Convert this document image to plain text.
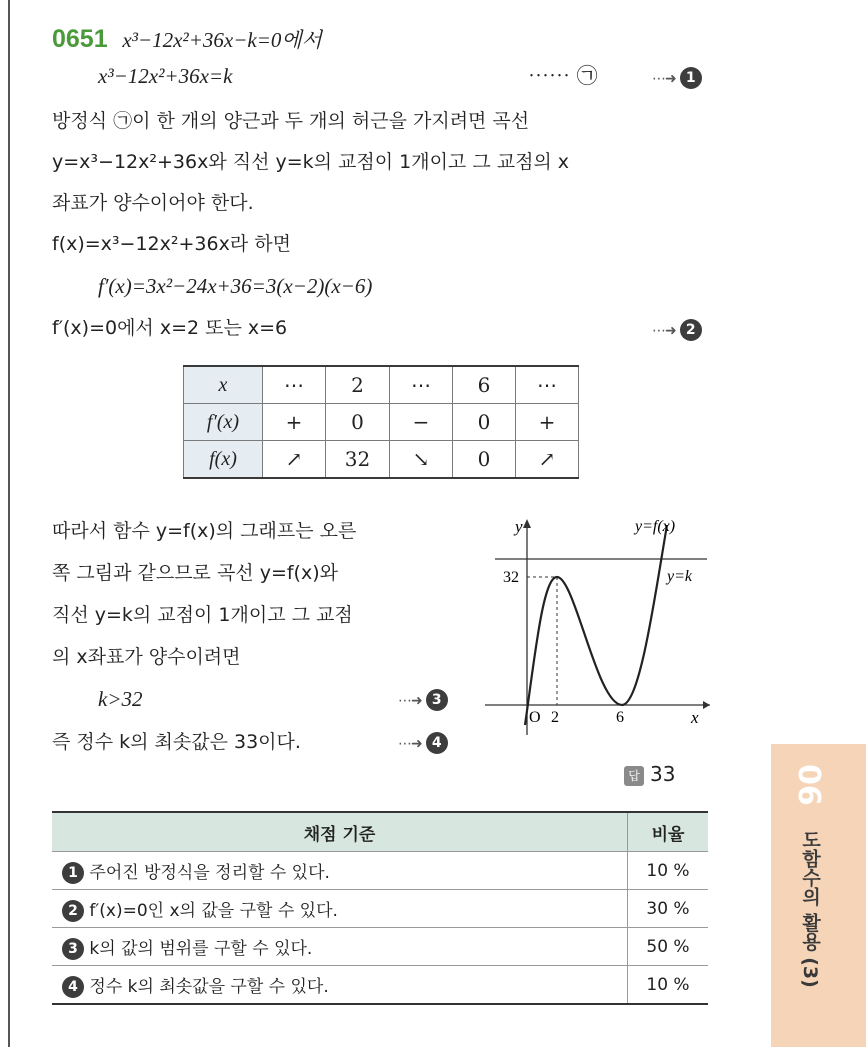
0651 x³−12x²+36x−k=0에서
x³−12x²+36x=k	⋯⋯ ㉠	⋯➜ 1
방정식 ㉠이 한 개의 양근과 두 개의 허근을 가지려면 곡선
y=x³−12x²+36x와 직선 y=k의 교점이 1개이고 그 교점의 x
좌표가 양수이어야 한다.
f(x)=x³−12x²+36x라 하면
f′(x)=3x²−24x+36=3(x−2)(x−6)
f′(x)=0에서 x=2 또는 x=6	⋯➜ 2
x	⋯	2	⋯	6	⋯
f′(x)	+	0	−	0	+
f(x)	↗	32	↘	0	↗
따라서 함수 y=f(x)의 그래프는 오른
쪽 그림과 같으므로 곡선 y=f(x)와
직선 y=k의 교점이 1개이고 그 교점
의 x좌표가 양수이려면
k>32	⋯➜ 3
즉 정수 k의 최솟값은 33이다.	⋯➜ 4
y
x
O 2	6
32
y=f(x)
y=k
답 33
채점 기준	비율
1 주어진 방정식을 정리할 수 있다.	10 %
2 f′(x)=0인 x의 값을 구할 수 있다.	30 %
3 k의 값의 범위를 구할 수 있다.	50 %
4 정수 k의 최솟값을 구할 수 있다.	10 %
06
도함수의 활용 (3)
